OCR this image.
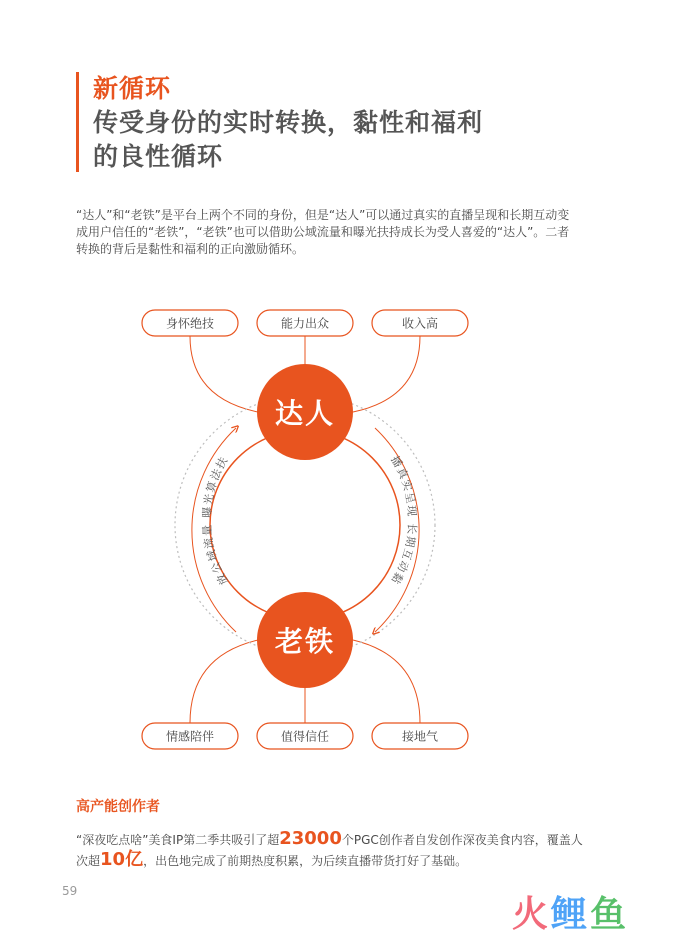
新循环
传受身份的实时转换，黏性和福利
的良性循环
“达人”和“老铁”是平台上两个不同的身份，但是“达人”可以通过真实的直播呈现和长期互动变
成用户信任的“老铁”，“老铁”也可以借助公域流量和曝光扶持成长为受人喜爱的“达人”。二者
转换的背后是黏性和福利的正向激励循环。
放公域流量 曝光算法扶	播真实呈现 长期互动黏
身怀绝技	能力出众	收入高
情感陪伴	值得信任	接地气
达人
老铁
高产能创作者
“深夜吃点啥”美食IP第二季共吸引了超23000个PGC创作者自发创作深夜美食内容，覆盖人
次超10亿，出色地完成了前期热度积累，为后续直播带货打好了基础。
59
火鲤鱼
